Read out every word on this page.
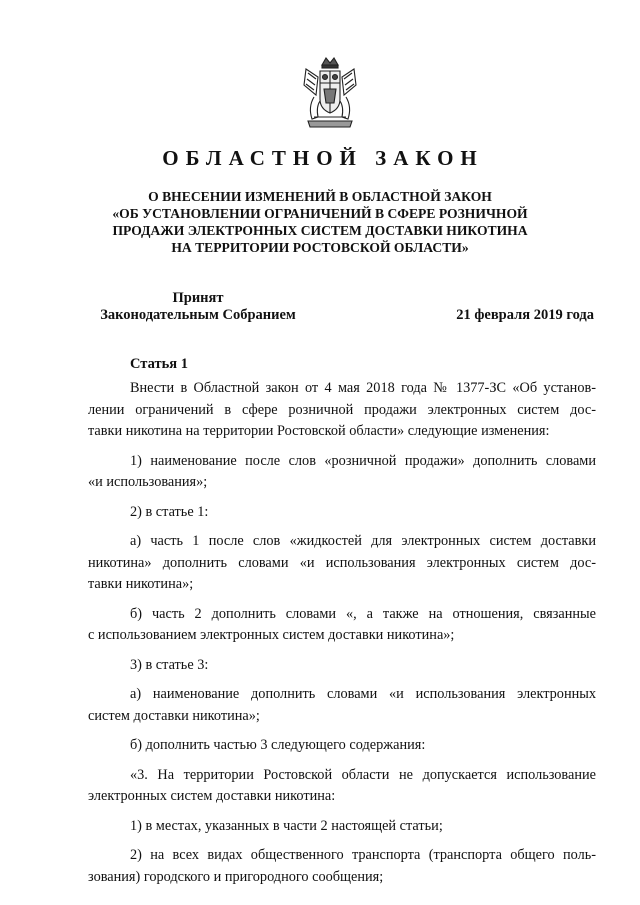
ОБЛАСТНОЙ ЗАКОН
О ВНЕСЕНИИ ИЗМЕНЕНИЙ В ОБЛАСТНОЙ ЗАКОН
«ОБ УСТАНОВЛЕНИИ ОГРАНИЧЕНИЙ В СФЕРЕ РОЗНИЧНОЙ
ПРОДАЖИ ЭЛЕКТРОННЫХ СИСТЕМ ДОСТАВКИ НИКОТИНА
НА ТЕРРИТОРИИ РОСТОВСКОЙ ОБЛАСТИ»
Принят
Законодательным Собранием	21 февраля 2019 года
Статья 1

Внести в Областной закон от 4 мая 2018 года № 1377-ЗС «Об установ-
лении ограничений в сфере розничной продажи электронных систем дос-
тавки никотина на территории Ростовской области» следующие изменения:

1) наименование после слов «розничной продажи» дополнить словами
«и использования»;

2) в статье 1:

а) часть 1 после слов «жидкостей для электронных систем доставки
никотина» дополнить словами «и использования электронных систем дос-
тавки никотина»;

б) часть 2 дополнить словами «, а также на отношения, связанные
с использованием электронных систем доставки никотина»;

3) в статье 3:

а) наименование дополнить словами «и использования электронных
систем доставки никотина»;

б) дополнить частью 3 следующего содержания:

«3. На территории Ростовской области не допускается использование
электронных систем доставки никотина:

1) в местах, указанных в части 2 настоящей статьи;

2) на всех видах общественного транспорта (транспорта общего поль-
зования) городского и пригородного сообщения;
